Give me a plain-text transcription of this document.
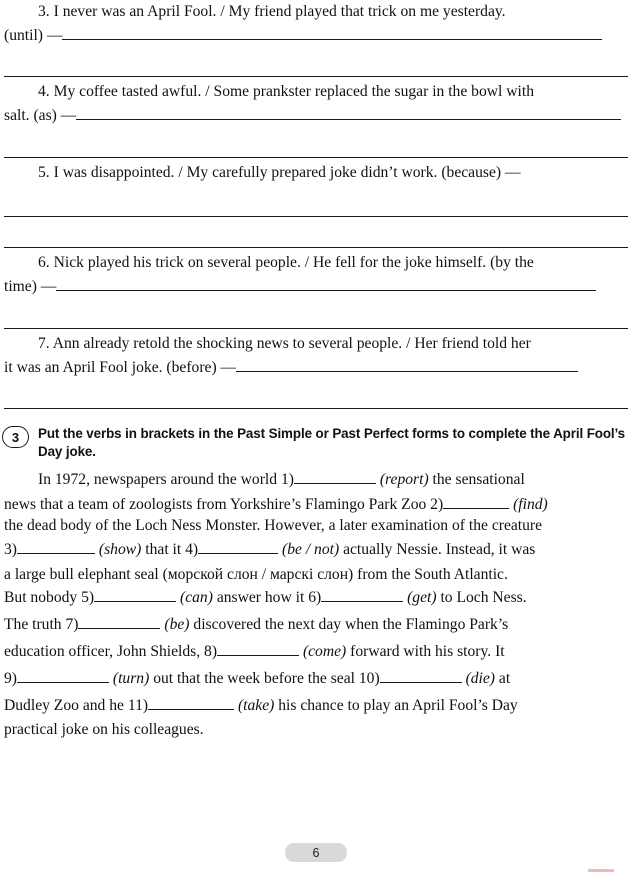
3. I never was an April Fool. / My friend played that trick on me yesterday.
(until) —
4. My coffee tasted awful. / Some prankster replaced the sugar in the bowl with
salt. (as) —
5. I was disappointed. / My carefully prepared joke didn’t work. (because) —
6. Nick played his trick on several people. / He fell for the joke himself. (by the
time) —
7. Ann already retold the shocking news to several people. / Her friend told her
it was an April Fool joke. (before) —
3	Put the verbs in brackets in the Past Simple or Past Perfect forms to complete the April Fool’s Day joke.
In 1972, newspapers around the world 1)	(report) the sensational
news that a team of zoologists from Yorkshire’s Flamingo Park Zoo 2)	(find)
the dead body of the Loch Ness Monster. However, a later examination of the creature
3)	(show) that it 4)	(be / not) actually Nessie. Instead, it was
a large bull elephant seal (морской слон / марскі слон) from the South Atlantic.
But nobody 5)	(can) answer how it 6)	(get) to Loch Ness.
The truth 7)	(be) discovered the next day when the Flamingo Park’s
education officer, John Shields, 8)	(come) forward with his story. It
9)	(turn) out that the week before the seal 10)	(die) at
Dudley Zoo and he 11)	(take) his chance to play an April Fool’s Day
practical joke on his colleagues.
6
